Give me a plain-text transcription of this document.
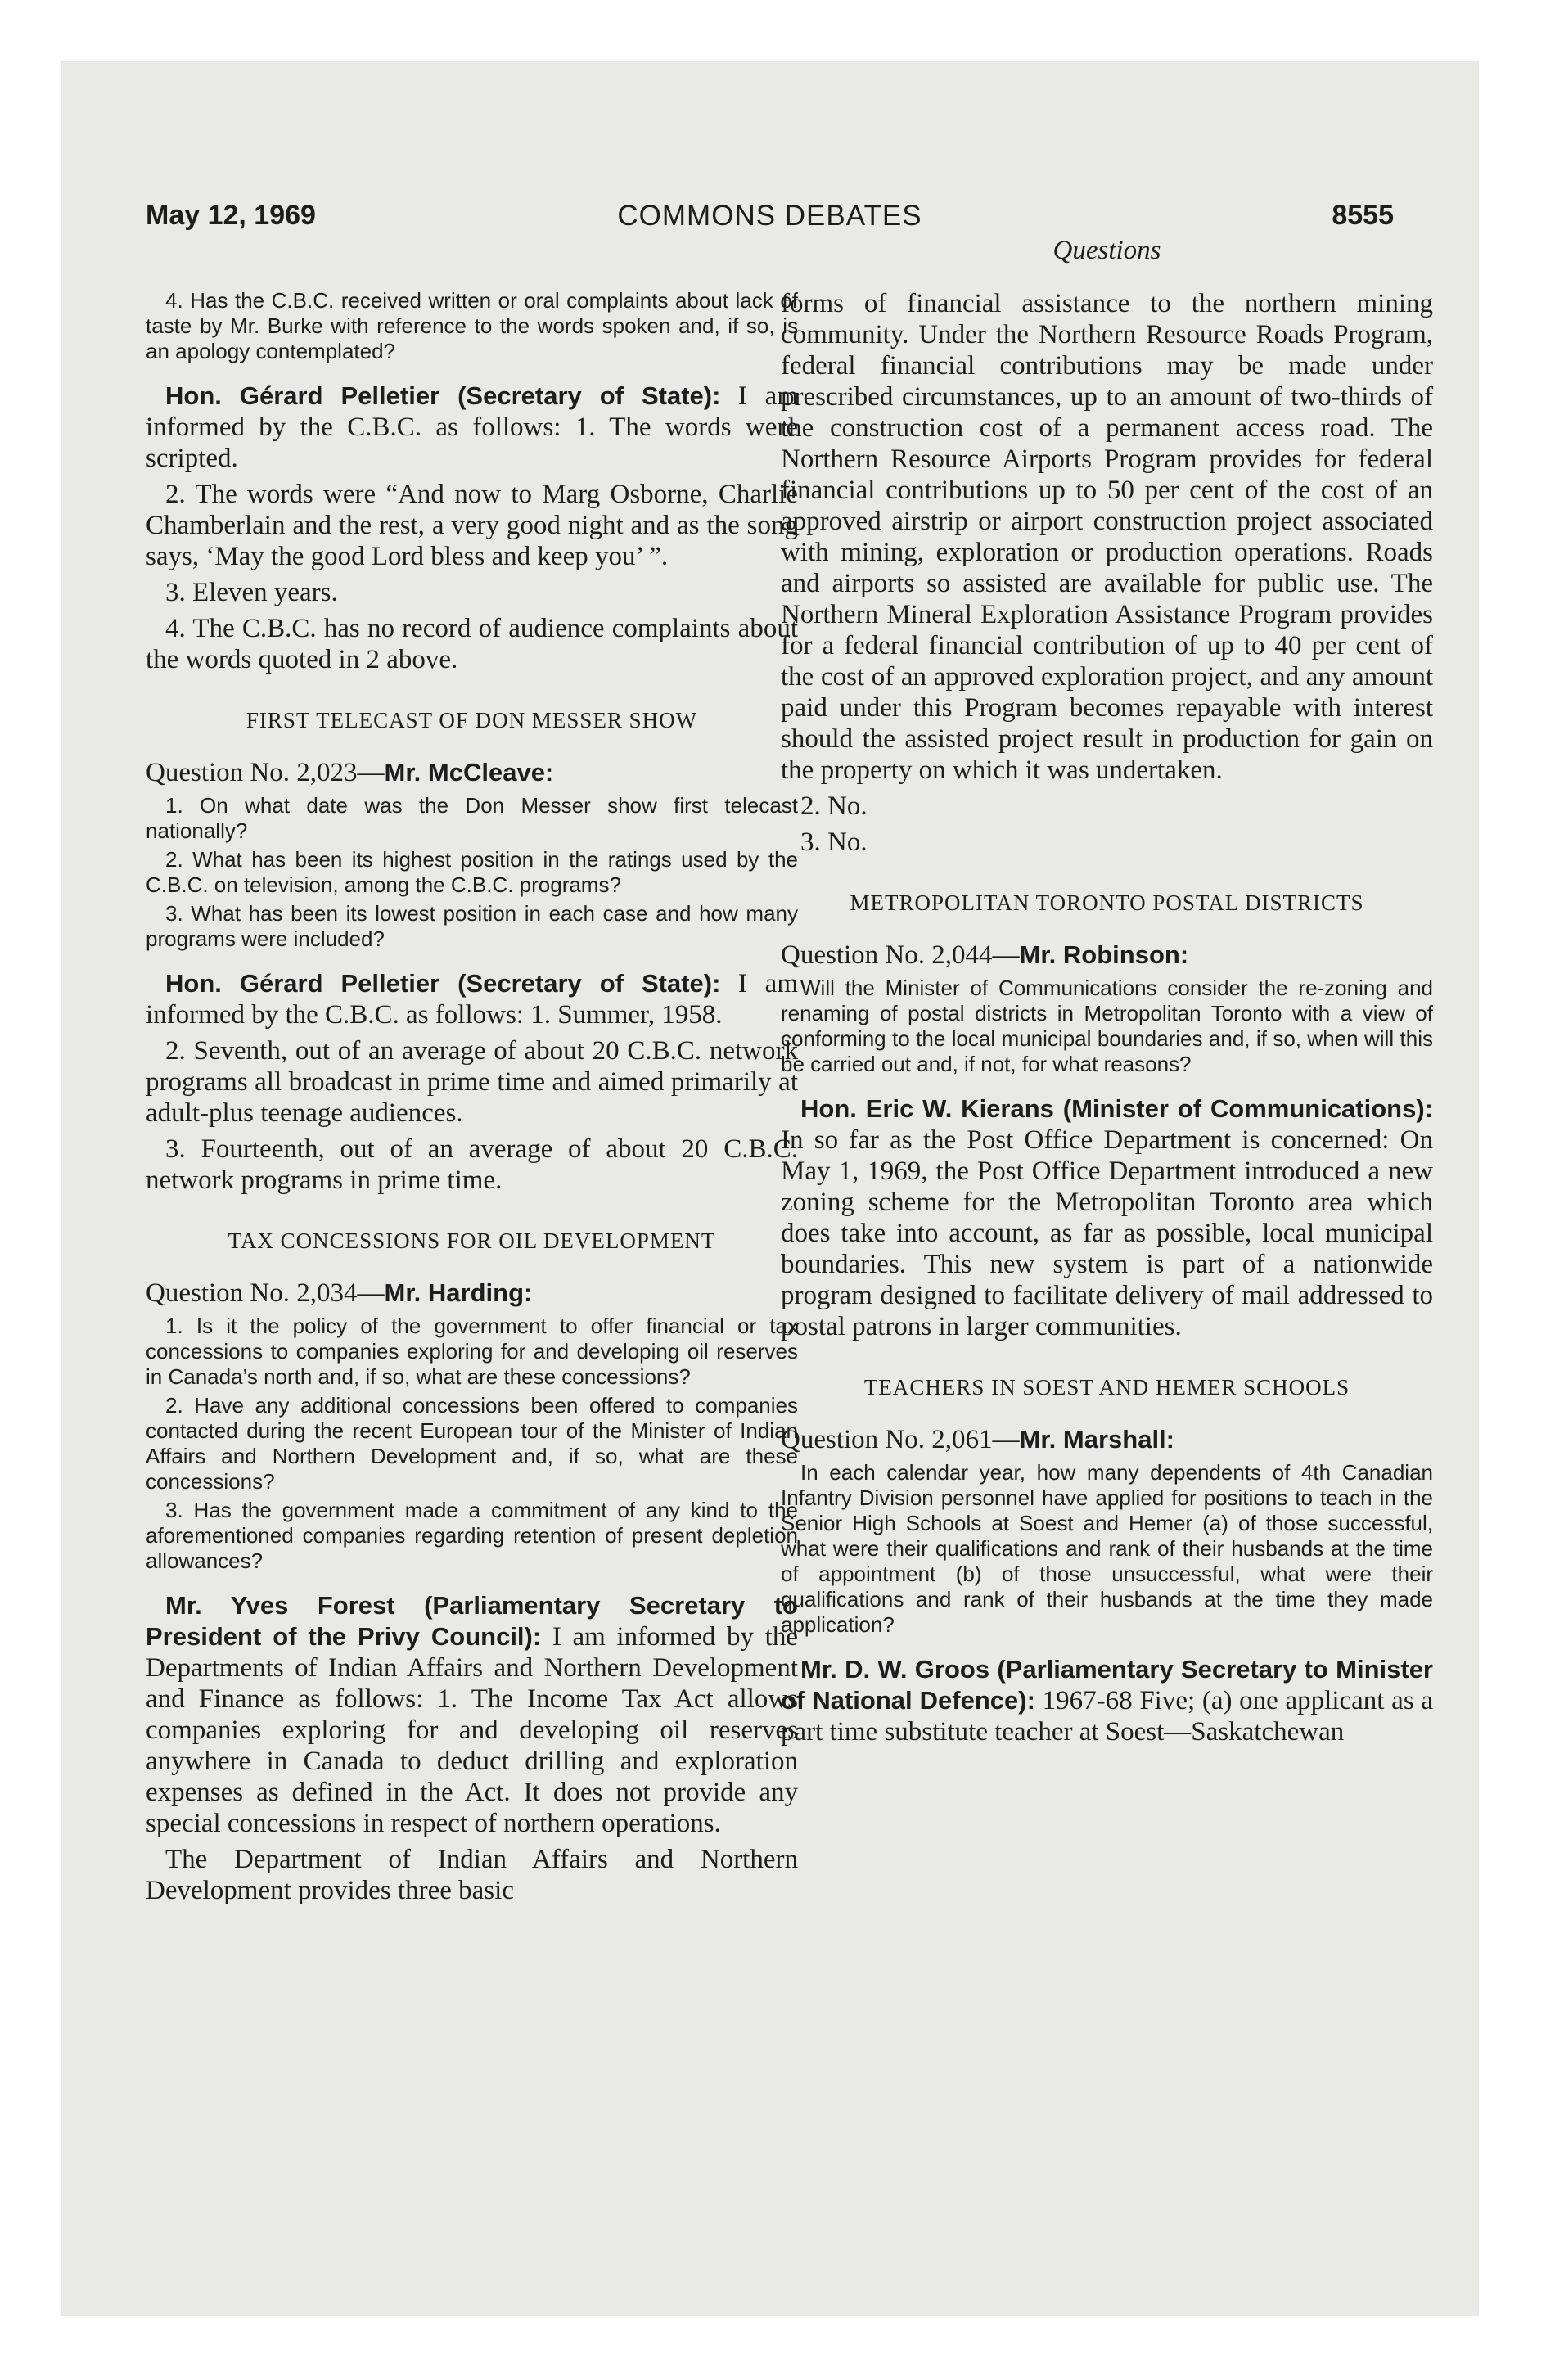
May 12, 1969	COMMONS DEBATES	8555
Questions

4. Has the C.B.C. received written or oral complaints about lack of taste by Mr. Burke with reference to the words spoken and, if so, is an apology contemplated?

Hon. Gérard Pelletier (Secretary of State): I am informed by the C.B.C. as follows: 1. The words were scripted.

2. The words were “And now to Marg Osborne, Charlie Chamberlain and the rest, a very good night and as the song says, ‘May the good Lord bless and keep you’ ”.

3. Eleven years.

4. The C.B.C. has no record of audience complaints about the words quoted in 2 above.

FIRST TELECAST OF DON MESSER SHOW

Question No. 2,023—Mr. McCleave:

1. On what date was the Don Messer show first telecast nationally?

2. What has been its highest position in the ratings used by the C.B.C. on television, among the C.B.C. programs?

3. What has been its lowest position in each case and how many programs were included?

Hon. Gérard Pelletier (Secretary of State): I am informed by the C.B.C. as follows: 1. Summer, 1958.

2. Seventh, out of an average of about 20 C.B.C. network programs all broadcast in prime time and aimed primarily at adult-plus teenage audiences.

3. Fourteenth, out of an average of about 20 C.B.C. network programs in prime time.

TAX CONCESSIONS FOR OIL DEVELOPMENT

Question No. 2,034—Mr. Harding:

1. Is it the policy of the government to offer financial or tax concessions to companies exploring for and developing oil reserves in Canada’s north and, if so, what are these concessions?

2. Have any additional concessions been offered to companies contacted during the recent European tour of the Minister of Indian Affairs and Northern Development and, if so, what are these concessions?

3. Has the government made a commitment of any kind to the aforementioned companies regarding retention of present depletion allowances?

Mr. Yves Forest (Parliamentary Secretary to President of the Privy Council): I am informed by the Departments of Indian Affairs and Northern Development and Finance as follows: 1. The Income Tax Act allows companies exploring for and developing oil reserves anywhere in Canada to deduct drilling and exploration expenses as defined in the Act. It does not provide any special concessions in respect of northern operations.

The Department of Indian Affairs and Northern Development provides three basic

forms of financial assistance to the northern mining community. Under the Northern Resource Roads Program, federal financial contributions may be made under prescribed circumstances, up to an amount of two-thirds of the construction cost of a permanent access road. The Northern Resource Airports Program provides for federal financial contributions up to 50 per cent of the cost of an approved airstrip or airport construction project associated with mining, exploration or production operations. Roads and airports so assisted are available for public use. The Northern Mineral Exploration Assistance Program provides for a federal financial contribution of up to 40 per cent of the cost of an approved exploration project, and any amount paid under this Program becomes repayable with interest should the assisted project result in production for gain on the property on which it was undertaken.

2. No.

3. No.

METROPOLITAN TORONTO POSTAL DISTRICTS

Question No. 2,044—Mr. Robinson:

Will the Minister of Communications consider the re-zoning and renaming of postal districts in Metropolitan Toronto with a view of conforming to the local municipal boundaries and, if so, when will this be carried out and, if not, for what reasons?

Hon. Eric W. Kierans (Minister of Communications): In so far as the Post Office Department is concerned: On May 1, 1969, the Post Office Department introduced a new zoning scheme for the Metropolitan Toronto area which does take into account, as far as possible, local municipal boundaries. This new system is part of a nationwide program designed to facilitate delivery of mail addressed to postal patrons in larger communities.

TEACHERS IN SOEST AND HEMER SCHOOLS

Question No. 2,061—Mr. Marshall:

In each calendar year, how many dependents of 4th Canadian Infantry Division personnel have applied for positions to teach in the Senior High Schools at Soest and Hemer (a) of those successful, what were their qualifications and rank of their husbands at the time of appointment (b) of those unsuccessful, what were their qualifications and rank of their husbands at the time they made application?

Mr. D. W. Groos (Parliamentary Secretary to Minister of National Defence): 1967-68 Five; (a) one applicant as a part time substitute teacher at Soest—Saskatchewan
